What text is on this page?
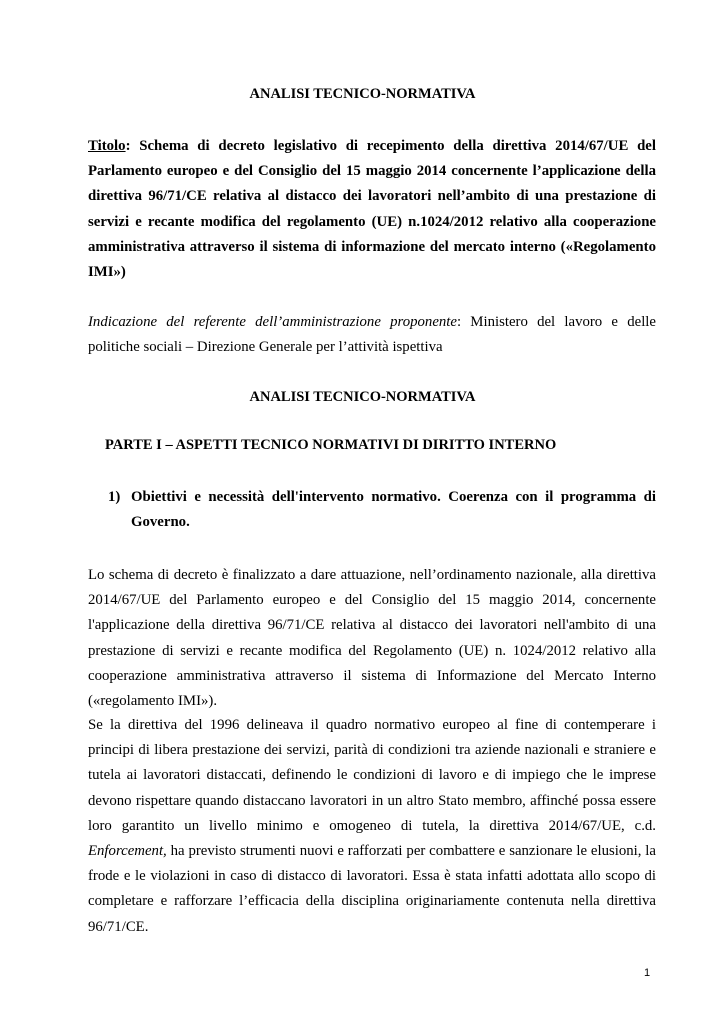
ANALISI TECNICO-NORMATIVA
Titolo: Schema di decreto legislativo di recepimento della direttiva 2014/67/UE del Parlamento europeo e del Consiglio del 15 maggio 2014 concernente l’applicazione della direttiva 96/71/CE relativa al distacco dei lavoratori nell’ambito di una prestazione di servizi e recante modifica del regolamento (UE) n.1024/2012 relativo alla cooperazione amministrativa attraverso il sistema di informazione del mercato interno («Regolamento IMI»)
Indicazione del referente dell’amministrazione proponente: Ministero del lavoro e delle politiche sociali – Direzione Generale per l’attività ispettiva
ANALISI TECNICO-NORMATIVA
PARTE I – ASPETTI TECNICO NORMATIVI DI DIRITTO INTERNO
1) Obiettivi e necessità dell'intervento normativo. Coerenza con il programma di Governo.
Lo schema di decreto è finalizzato a dare attuazione, nell’ordinamento nazionale, alla direttiva 2014/67/UE del Parlamento europeo e del Consiglio del 15 maggio 2014, concernente l'applicazione della direttiva 96/71/CE relativa al distacco dei lavoratori nell'ambito di una prestazione di servizi e recante modifica del Regolamento (UE) n. 1024/2012 relativo alla cooperazione amministrativa attraverso il sistema di Informazione del Mercato Interno («regolamento IMI»).
Se la direttiva del 1996 delineava il quadro normativo europeo al fine di contemperare i principi di libera prestazione dei servizi, parità di condizioni tra aziende nazionali e straniere e tutela ai lavoratori distaccati, definendo le condizioni di lavoro e di impiego che le imprese devono rispettare quando distaccano lavoratori in un altro Stato membro, affinché possa essere loro garantito un livello minimo e omogeneo di tutela, la direttiva 2014/67/UE, c.d. Enforcement, ha previsto strumenti nuovi e rafforzati per combattere e sanzionare le elusioni, la frode e le violazioni in caso di distacco di lavoratori. Essa è stata infatti adottata allo scopo di completare e rafforzare l’efficacia della disciplina originariamente contenuta nella direttiva 96/71/CE.
1
